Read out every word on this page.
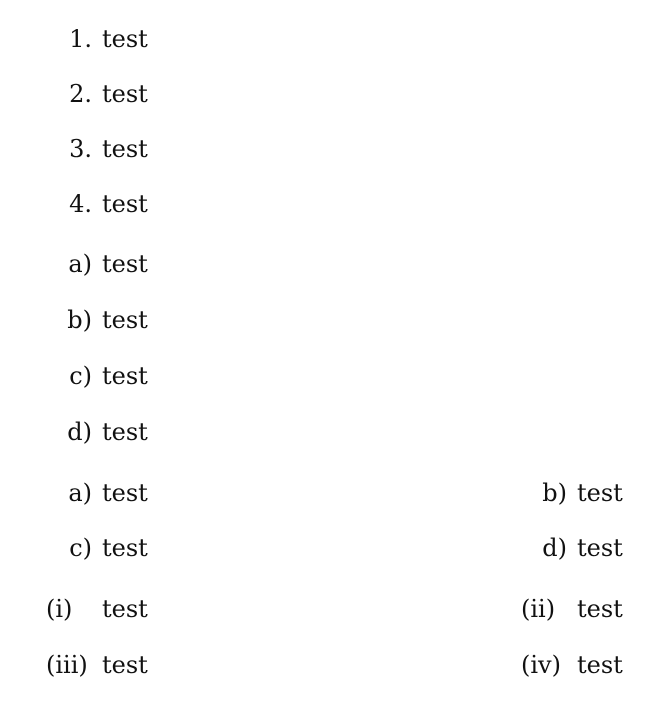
1. test
2. test
3. test
4. test
a) test
b) test
c) test
d) test
a) test	b) test
c) test	d) test
(i) test	(ii) test
(iii) test	(iv) test
